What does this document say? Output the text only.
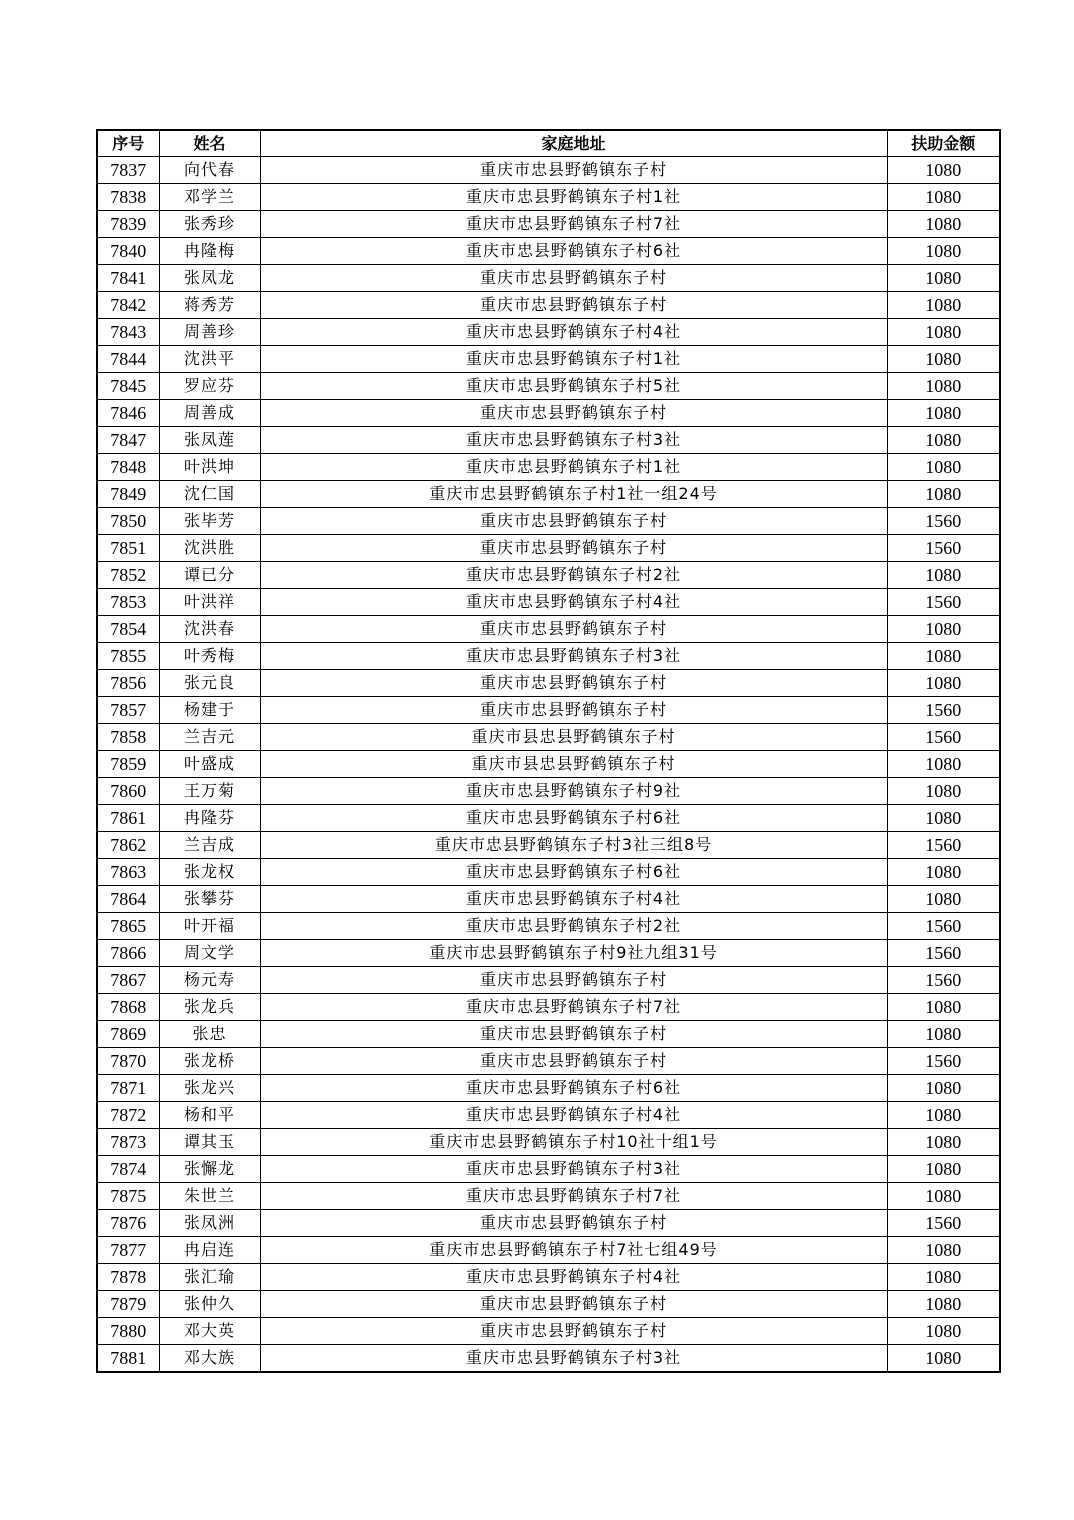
序号	姓名	家庭地址	扶助金额
7837	向代春	重庆市忠县野鹤镇东子村	1080
7838	邓学兰	重庆市忠县野鹤镇东子村1社	1080
7839	张秀珍	重庆市忠县野鹤镇东子村7社	1080
7840	冉隆梅	重庆市忠县野鹤镇东子村6社	1080
7841	张凤龙	重庆市忠县野鹤镇东子村	1080
7842	蒋秀芳	重庆市忠县野鹤镇东子村	1080
7843	周善珍	重庆市忠县野鹤镇东子村4社	1080
7844	沈洪平	重庆市忠县野鹤镇东子村1社	1080
7845	罗应芬	重庆市忠县野鹤镇东子村5社	1080
7846	周善成	重庆市忠县野鹤镇东子村	1080
7847	张凤莲	重庆市忠县野鹤镇东子村3社	1080
7848	叶洪坤	重庆市忠县野鹤镇东子村1社	1080
7849	沈仁国	重庆市忠县野鹤镇东子村1社一组24号	1080
7850	张毕芳	重庆市忠县野鹤镇东子村	1560
7851	沈洪胜	重庆市忠县野鹤镇东子村	1560
7852	谭已分	重庆市忠县野鹤镇东子村2社	1080
7853	叶洪祥	重庆市忠县野鹤镇东子村4社	1560
7854	沈洪春	重庆市忠县野鹤镇东子村	1080
7855	叶秀梅	重庆市忠县野鹤镇东子村3社	1080
7856	张元良	重庆市忠县野鹤镇东子村	1080
7857	杨建于	重庆市忠县野鹤镇东子村	1560
7858	兰吉元	重庆市县忠县野鹤镇东子村	1560
7859	叶盛成	重庆市县忠县野鹤镇东子村	1080
7860	王万菊	重庆市忠县野鹤镇东子村9社	1080
7861	冉隆芬	重庆市忠县野鹤镇东子村6社	1080
7862	兰吉成	重庆市忠县野鹤镇东子村3社三组8号	1560
7863	张龙权	重庆市忠县野鹤镇东子村6社	1080
7864	张攀芬	重庆市忠县野鹤镇东子村4社	1080
7865	叶开福	重庆市忠县野鹤镇东子村2社	1560
7866	周文学	重庆市忠县野鹤镇东子村9社九组31号	1560
7867	杨元寿	重庆市忠县野鹤镇东子村	1560
7868	张龙兵	重庆市忠县野鹤镇东子村7社	1080
7869	张忠	重庆市忠县野鹤镇东子村	1080
7870	张龙桥	重庆市忠县野鹤镇东子村	1560
7871	张龙兴	重庆市忠县野鹤镇东子村6社	1080
7872	杨和平	重庆市忠县野鹤镇东子村4社	1080
7873	谭其玉	重庆市忠县野鹤镇东子村10社十组1号	1080
7874	张懈龙	重庆市忠县野鹤镇东子村3社	1080
7875	朱世兰	重庆市忠县野鹤镇东子村7社	1080
7876	张凤洲	重庆市忠县野鹤镇东子村	1560
7877	冉启连	重庆市忠县野鹤镇东子村7社七组49号	1080
7878	张汇瑜	重庆市忠县野鹤镇东子村4社	1080
7879	张仲久	重庆市忠县野鹤镇东子村	1080
7880	邓大英	重庆市忠县野鹤镇东子村	1080
7881	邓大族	重庆市忠县野鹤镇东子村3社	1080
